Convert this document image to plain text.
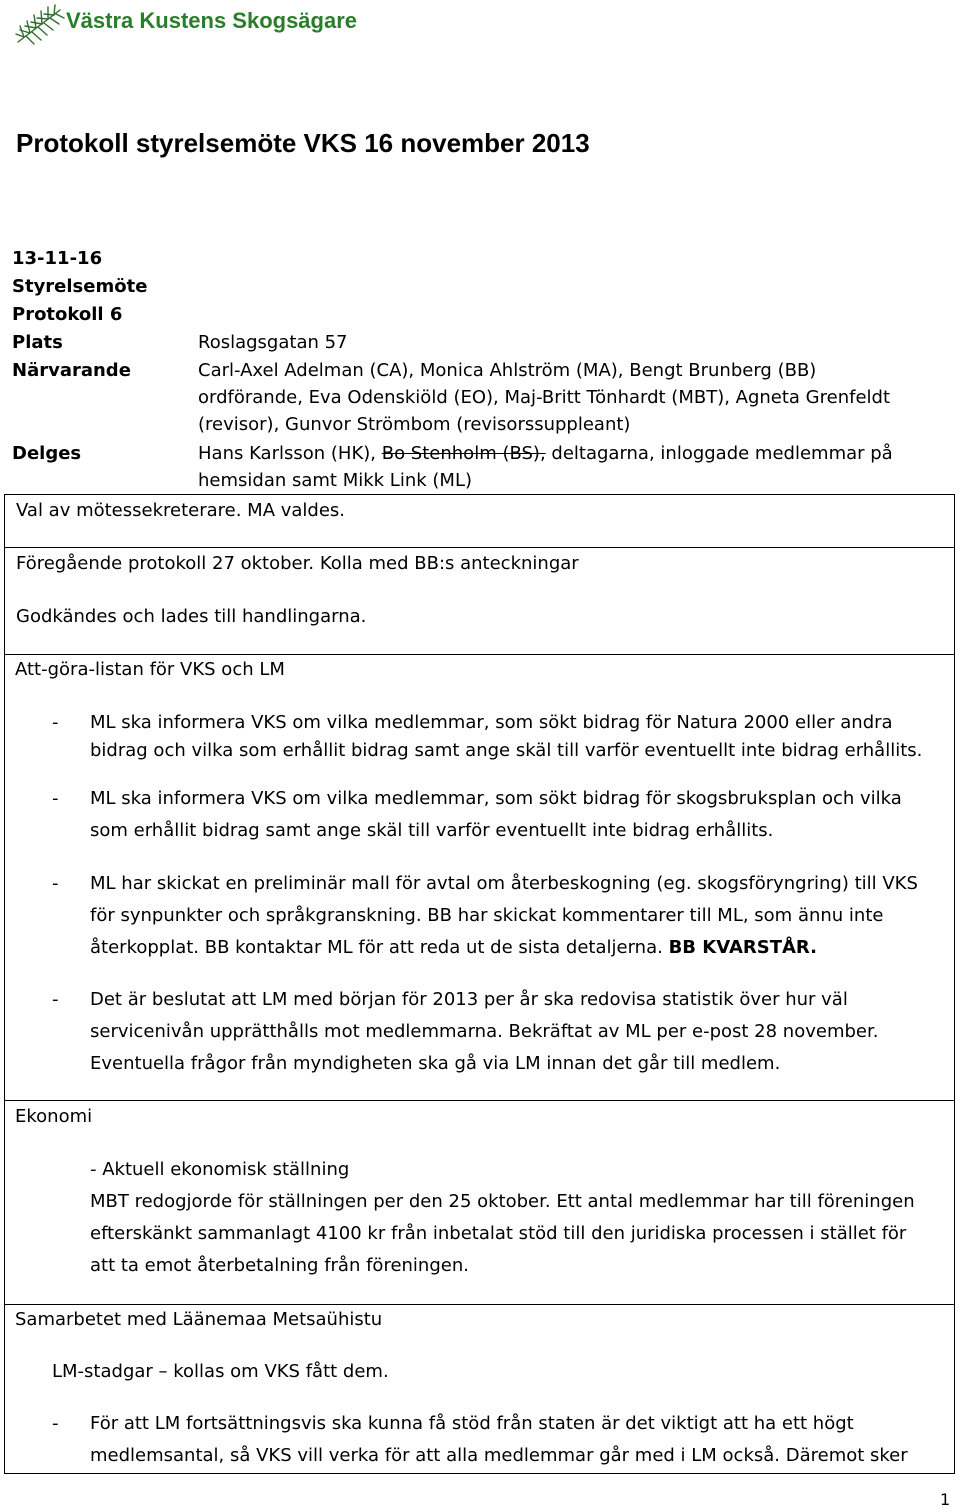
Västra Kustens Skogsägare
Protokoll styrelsemöte VKS 16 november 2013
13-11-16
Styrelsemöte
Protokoll 6
Plats	Roslagsgatan 57
Närvarande	Carl-Axel Adelman (CA), Monica Ahlström (MA), Bengt Brunberg (BB)
ordförande, Eva Odenskiöld (EO), Maj-Britt Tönhardt (MBT), Agneta Grenfeldt
(revisor), Gunvor Strömbom (revisorssuppleant)
Delges	Hans Karlsson (HK), Bo Stenholm (BS), deltagarna, inloggade medlemmar på
hemsidan samt Mikk Link (ML)
Val av mötessekreterare. MA valdes.
Föregående protokoll 27 oktober. Kolla med BB:s anteckningar
Godkändes och lades till handlingarna.
Att-göra-listan för VKS och LM
- ML ska informera VKS om vilka medlemmar, som sökt bidrag för Natura 2000 eller andra
bidrag och vilka som erhållit bidrag samt ange skäl till varför eventuellt inte bidrag erhållits.
- ML ska informera VKS om vilka medlemmar, som sökt bidrag för skogsbruksplan och vilka
som erhållit bidrag samt ange skäl till varför eventuellt inte bidrag erhållits.
- ML har skickat en preliminär mall för avtal om återbeskogning (eg. skogsföryngring) till VKS
för synpunkter och språkgranskning. BB har skickat kommentarer till ML, som ännu inte
återkopplat. BB kontaktar ML för att reda ut de sista detaljerna. BB KVARSTÅR.
- Det är beslutat att LM med början för 2013 per år ska redovisa statistik över hur väl
servicenivån upprätthålls mot medlemmarna. Bekräftat av ML per e-post 28 november.
Eventuella frågor från myndigheten ska gå via LM innan det går till medlem.
Ekonomi
- Aktuell ekonomisk ställning
MBT redogjorde för ställningen per den 25 oktober. Ett antal medlemmar har till föreningen
efterskänkt sammanlagt 4100 kr från inbetalat stöd till den juridiska processen i stället för
att ta emot återbetalning från föreningen.
Samarbetet med Läänemaa Metsaühistu
LM-stadgar – kollas om VKS fått dem.
- För att LM fortsättningsvis ska kunna få stöd från staten är det viktigt att ha ett högt
medlemsantal, så VKS vill verka för att alla medlemmar går med i LM också. Däremot sker
1
